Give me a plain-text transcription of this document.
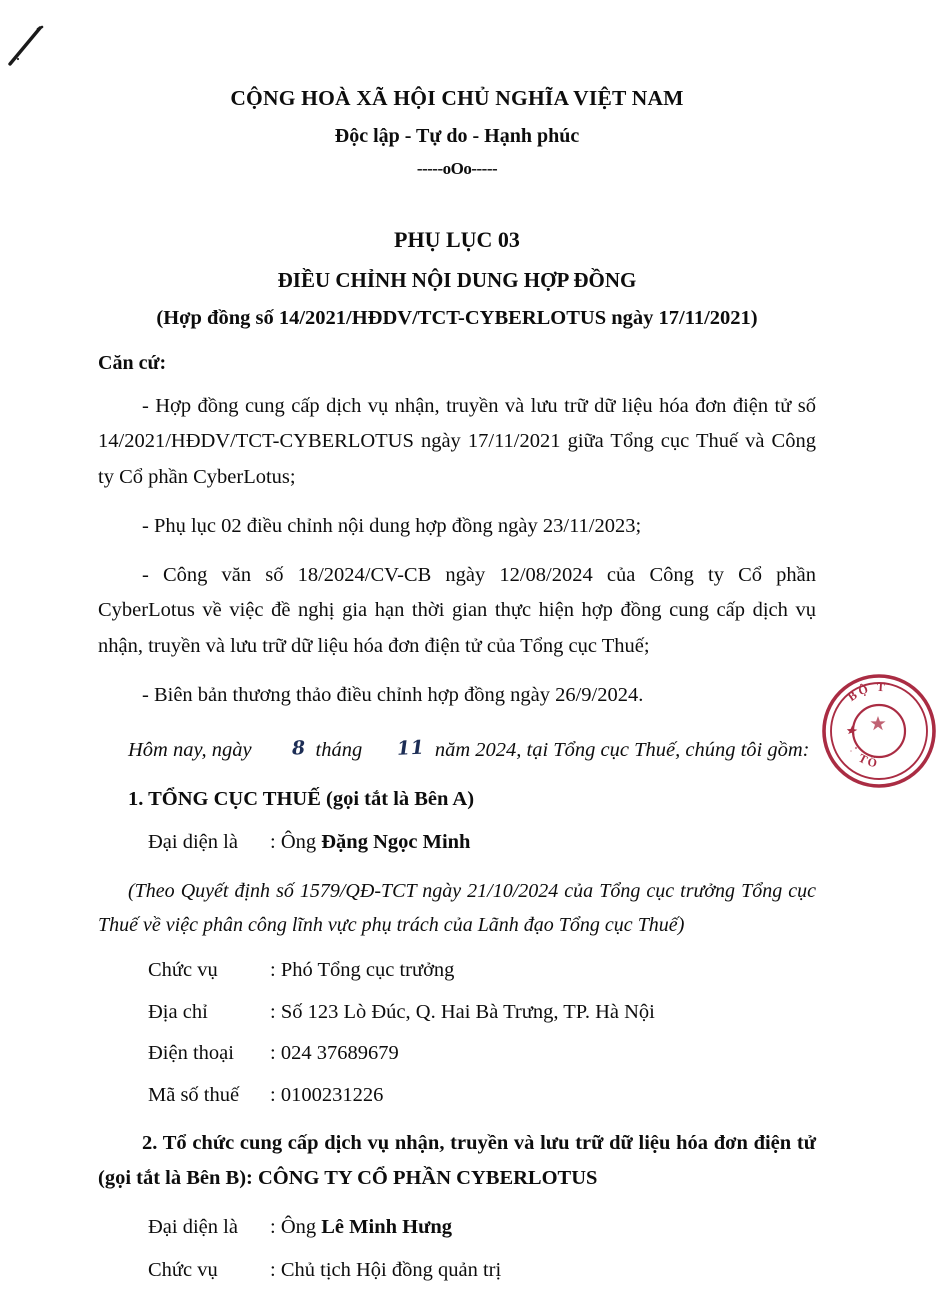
BỘ T
TỔ
CỘNG HOÀ XÃ HỘI CHỦ NGHĨA VIỆT NAM
Độc lập - Tự do - Hạnh phúc
-----oOo-----
PHỤ LỤC 03
ĐIỀU CHỈNH NỘI DUNG HỢP ĐỒNG
(Hợp đồng số 14/2021/HĐDV/TCT-CYBERLOTUS ngày 17/11/2021)
Căn cứ:

- Hợp đồng cung cấp dịch vụ nhận, truyền và lưu trữ dữ liệu hóa đơn điện tử số 14/2021/HĐDV/TCT-CYBERLOTUS ngày 17/11/2021 giữa Tổng cục Thuế và Công ty Cổ phần CyberLotus;

- Phụ lục 02 điều chỉnh nội dung hợp đồng ngày 23/11/2023;

- Công văn số 18/2024/CV-CB ngày 12/08/2024 của Công ty Cổ phần CyberLotus về việc đề nghị gia hạn thời gian thực hiện hợp đồng cung cấp dịch vụ nhận, truyền và lưu trữ dữ liệu hóa đơn điện tử của Tổng cục Thuế;

- Biên bản thương thảo điều chỉnh hợp đồng ngày 26/9/2024.

Hôm nay, ngày 8 tháng 11 năm 2024, tại Tổng cục Thuế, chúng tôi gồm:

1. TỔNG CỤC THUẾ (gọi tắt là Bên A)
Đại diện là	: Ông Đặng Ngọc Minh

(Theo Quyết định số 1579/QĐ-TCT ngày 21/10/2024 của Tổng cục trưởng Tổng cục Thuế về việc phân công lĩnh vực phụ trách của Lãnh đạo Tổng cục Thuế)

Chức vụ	: Phó Tổng cục trưởng
Địa chỉ	: Số 123 Lò Đúc, Q. Hai Bà Trưng, TP. Hà Nội
Điện thoại	: 024 37689679
Mã số thuế	: 0100231226
2. Tổ chức cung cấp dịch vụ nhận, truyền và lưu trữ dữ liệu hóa đơn điện tử (gọi tắt là Bên B): CÔNG TY CỔ PHẦN CYBERLOTUS
Đại diện là	: Ông Lê Minh Hưng
Chức vụ	: Chủ tịch Hội đồng quản trị
